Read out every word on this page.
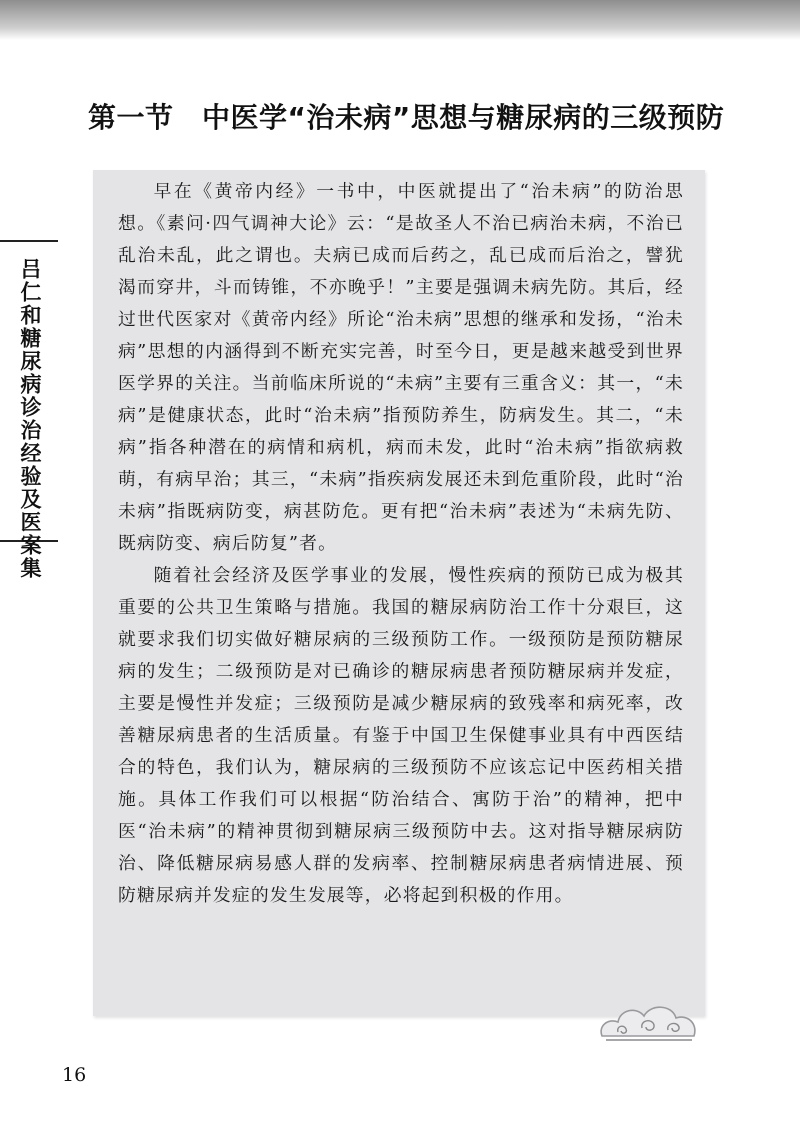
第一节　中医学“治未病”思想与糖尿病的三级预防
吕仁和糖尿病诊治经验及医案集

早在《黄帝内经》一书中，中医就提出了“治未病”的防治思想。《素问·四气调神大论》云：“是故圣人不治已病治未病，不治已乱治未乱，此之谓也。夫病已成而后药之，乱已成而后治之，譬犹渴而穿井，斗而铸锥，不亦晚乎！”主要是强调未病先防。其后，经过世代医家对《黄帝内经》所论“治未病”思想的继承和发扬，“治未病”思想的内涵得到不断充实完善，时至今日，更是越来越受到世界医学界的关注。当前临床所说的“未病”主要有三重含义：其一，“未病”是健康状态，此时“治未病”指预防养生，防病发生。其二，“未病”指各种潜在的病情和病机，病而未发，此时“治未病”指欲病救萌，有病早治；其三，“未病”指疾病发展还未到危重阶段，此时“治未病”指既病防变，病甚防危。更有把“治未病”表述为“未病先防、既病防变、病后防复”者。

随着社会经济及医学事业的发展，慢性疾病的预防已成为极其重要的公共卫生策略与措施。我国的糖尿病防治工作十分艰巨，这就要求我们切实做好糖尿病的三级预防工作。一级预防是预防糖尿病的发生；二级预防是对已确诊的糖尿病患者预防糖尿病并发症，主要是慢性并发症；三级预防是减少糖尿病的致残率和病死率，改善糖尿病患者的生活质量。有鉴于中国卫生保健事业具有中西医结合的特色，我们认为，糖尿病的三级预防不应该忘记中医药相关措施。具体工作我们可以根据“防治结合、寓防于治”的精神，把中医“治未病”的精神贯彻到糖尿病三级预防中去。这对指导糖尿病防治、降低糖尿病易感人群的发病率、控制糖尿病患者病情进展、预防糖尿病并发症的发生发展等，必将起到积极的作用。

16
